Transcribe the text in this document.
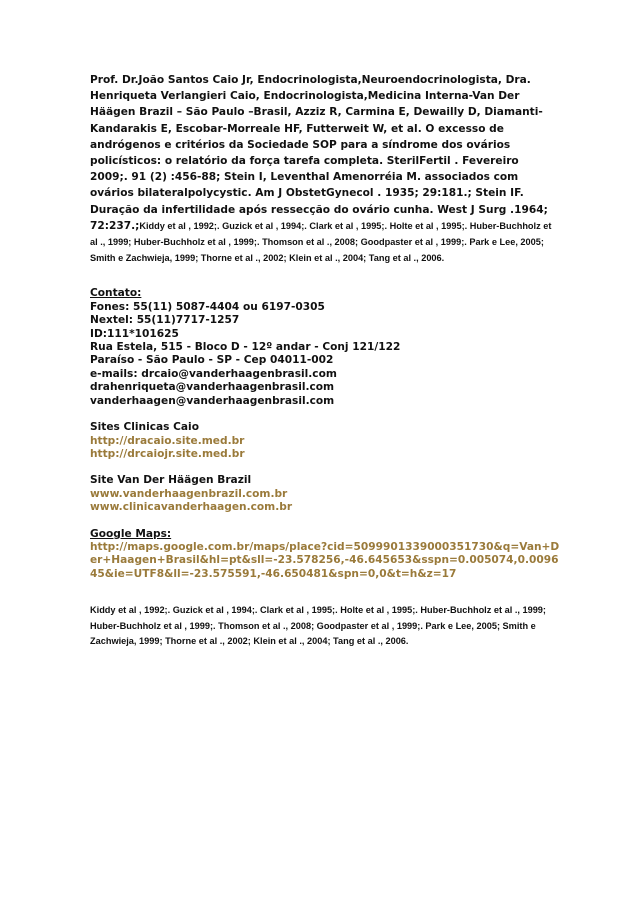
Prof. Dr.João Santos Caio Jr, Endocrinologista,Neuroendocrinologista, Dra. Henriqueta Verlangieri Caio, Endocrinologista,Medicina Interna-Van Der Häägen Brazil – São Paulo –Brasil, Azziz R, Carmina E, Dewailly D, Diamanti-Kandarakis E, Escobar-Morreale HF, Futterweit W, et al. O excesso de andrógenos e critérios da Sociedade SOP para a síndrome dos ovários policísticos: o relatório da força tarefa completa. SterilFertil . Fevereiro 2009;. 91 (2) :456-88; Stein I, Leventhal Amenorréia M. associados com ovários bilateralpolycystic. Am J ObstetGynecol . 1935; 29:181.; Stein IF. Duração da infertilidade após ressecção do ovário cunha. West J Surg .1964; 72:237.;Kiddy et al , 1992;. Guzick et al , 1994;. Clark et al , 1995;. Holte et al , 1995;. Huber-Buchholz et al ., 1999; Huber-Buchholz et al , 1999;. Thomson et al ., 2008; Goodpaster et al , 1999;. Park e Lee, 2005; Smith e Zachwieja, 1999; Thorne et al ., 2002; Klein et al ., 2004; Tang et al ., 2006.

Contato:
Fones: 55(11) 5087-4404 ou 6197-0305
Nextel: 55(11)7717-1257
ID:111*101625
Rua Estela, 515 - Bloco D - 12º andar - Conj 121/122
Paraíso - São Paulo - SP - Cep 04011-002
e-mails: drcaio@vanderhaagenbrasil.com
drahenriqueta@vanderhaagenbrasil.com
vanderhaagen@vanderhaagenbrasil.com
Sites Clinicas Caio
http://dracaio.site.med.br
http://drcaiojr.site.med.br
Site Van Der Häägen Brazil
www.vanderhaagenbrazil.com.br
www.clinicavanderhaagen.com.br
Google Maps:
http://maps.google.com.br/maps/place?cid=5099901339000351730&q=Van+Der+Haagen+Brasil&hl=pt&sll=-23.578256,-46.645653&sspn=0.005074,0.009645&ie=UTF8&ll=-23.575591,-46.650481&spn=0,0&t=h&z=17

Kiddy et al , 1992;. Guzick et al , 1994;. Clark et al , 1995;. Holte et al , 1995;. Huber-Buchholz et al ., 1999; Huber-Buchholz et al , 1999;. Thomson et al ., 2008; Goodpaster et al , 1999;. Park e Lee, 2005; Smith e Zachwieja, 1999; Thorne et al ., 2002; Klein et al ., 2004; Tang et al ., 2006.
